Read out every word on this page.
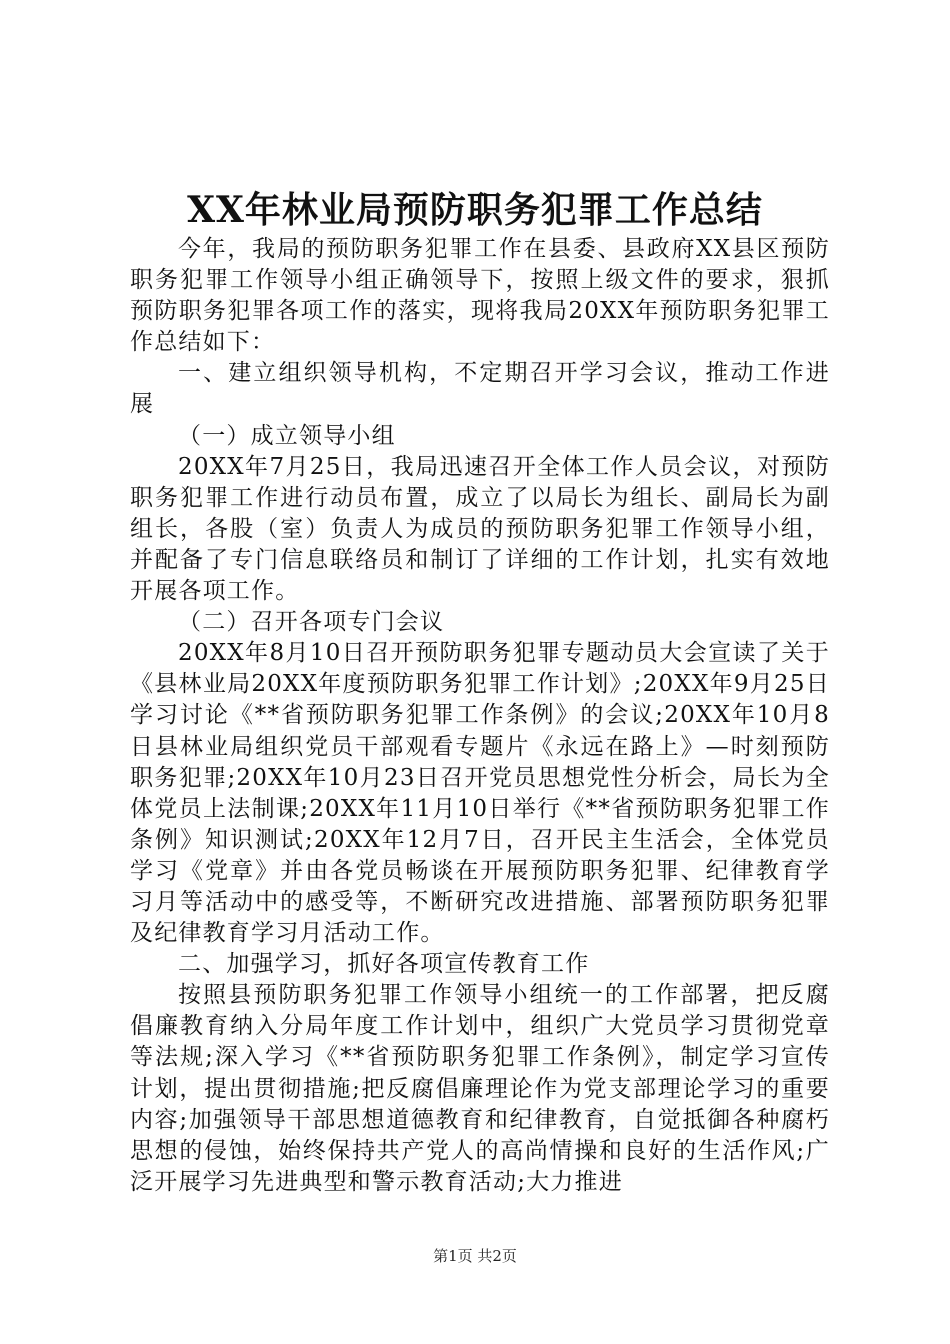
XX年林业局预防职务犯罪工作总结

今年，我局的预防职务犯罪工作在县委、县政府XX县区预防职务犯罪工作领导小组正确领导下，按照上级文件的要求，狠抓预防职务犯罪各项工作的落实，现将我局20XX年预防职务犯罪工作总结如下：

一、建立组织领导机构，不定期召开学习会议，推动工作进展

（一）成立领导小组

20XX年7月25日，我局迅速召开全体工作人员会议，对预防职务犯罪工作进行动员布置，成立了以局长为组长、副局长为副组长，各股（室）负责人为成员的预防职务犯罪工作领导小组，并配备了专门信息联络员和制订了详细的工作计划，扎实有效地开展各项工作。

（二）召开各项专门会议

20XX年8月10日召开预防职务犯罪专题动员大会宣读了关于《县林业局20XX年度预防职务犯罪工作计划》;20XX年9月25日学习讨论《**省预防职务犯罪工作条例》的会议;20XX年10月8日县林业局组织党员干部观看专题片《永远在路上》—时刻预防职务犯罪;20XX年10月23日召开党员思想党性分析会，局长为全体党员上法制课;20XX年11月10日举行《**省预防职务犯罪工作条例》知识测试;20XX年12月7日，召开民主生活会，全体党员学习《党章》并由各党员畅谈在开展预防职务犯罪、纪律教育学习月等活动中的感受等，不断研究改进措施、部署预防职务犯罪及纪律教育学习月活动工作。

二、加强学习，抓好各项宣传教育工作

按照县预防职务犯罪工作领导小组统一的工作部署，把反腐倡廉教育纳入分局年度工作计划中，组织广大党员学习贯彻党章等法规;深入学习《**省预防职务犯罪工作条例》，制定学习宣传计划，提出贯彻措施;把反腐倡廉理论作为党支部理论学习的重要内容;加强领导干部思想道德教育和纪律教育，自觉抵御各种腐朽思想的侵蚀，始终保持共产党人的高尚情操和良好的生活作风;广泛开展学习先进典型和警示教育活动;大力推进

第1页 共2页
